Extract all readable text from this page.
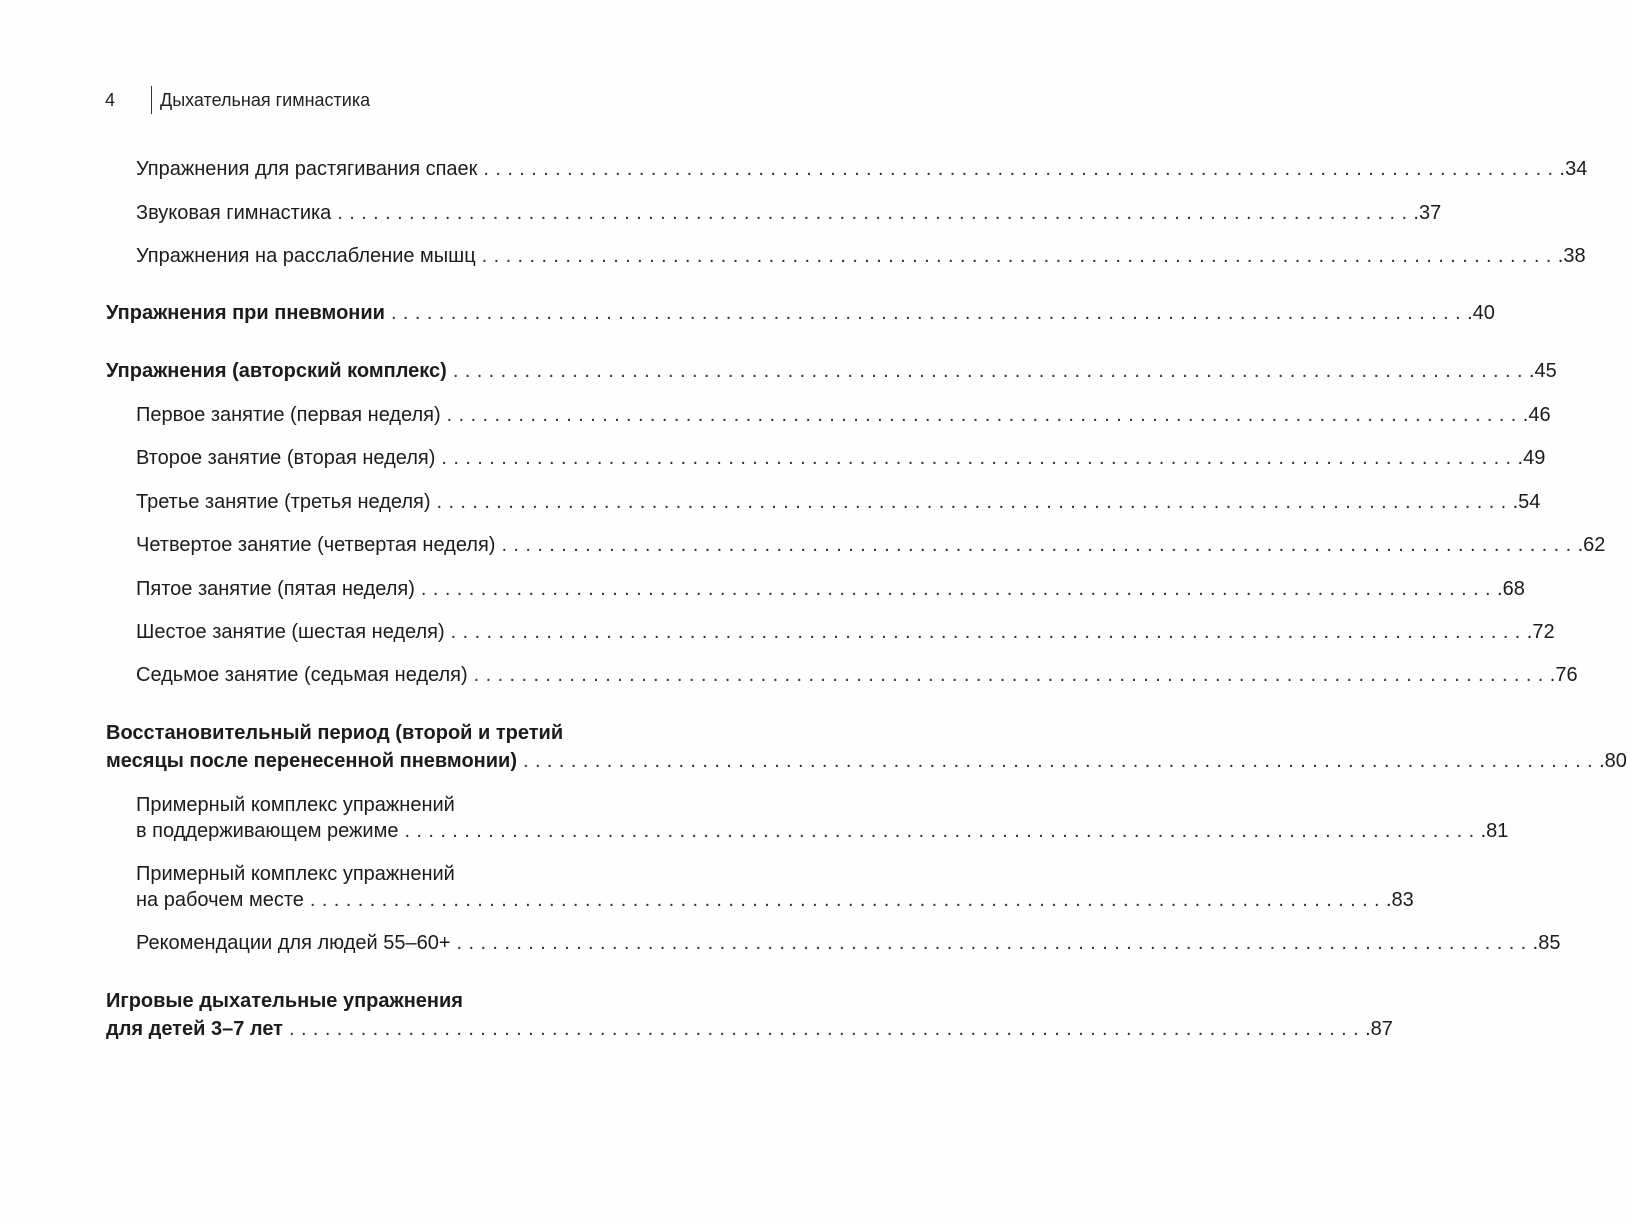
4	Дыхательная гимнастика
Упражнения для растягивания спаек .......................................................................................... .34
Звуковая гимнастика .......................................................................................... .37
Упражнения на расслабление мышц .......................................................................................... .38
Упражнения при пневмонии .......................................................................................... .40
Упражнения (авторский комплекс) .......................................................................................... .45
Первое занятие (первая неделя) .......................................................................................... .46
Второе занятие (вторая неделя) .......................................................................................... .49
Третье занятие (третья неделя) .......................................................................................... .54
Четвертое занятие (четвертая неделя) .......................................................................................... .62
Пятое занятие (пятая неделя) .......................................................................................... .68
Шестое занятие (шестая неделя) .......................................................................................... .72
Седьмое занятие (седьмая неделя) .......................................................................................... .76
Восстановительный период (второй и третий
месяцы после перенесенной пневмонии) .......................................................................................... .80
Примерный комплекс упражнений
в поддерживающем режиме .......................................................................................... .81
Примерный комплекс упражнений
на рабочем месте .......................................................................................... .83
Рекомендации для людей 55–60+ .......................................................................................... .85
Игровые дыхательные упражнения
для детей 3–7 лет .......................................................................................... .87
